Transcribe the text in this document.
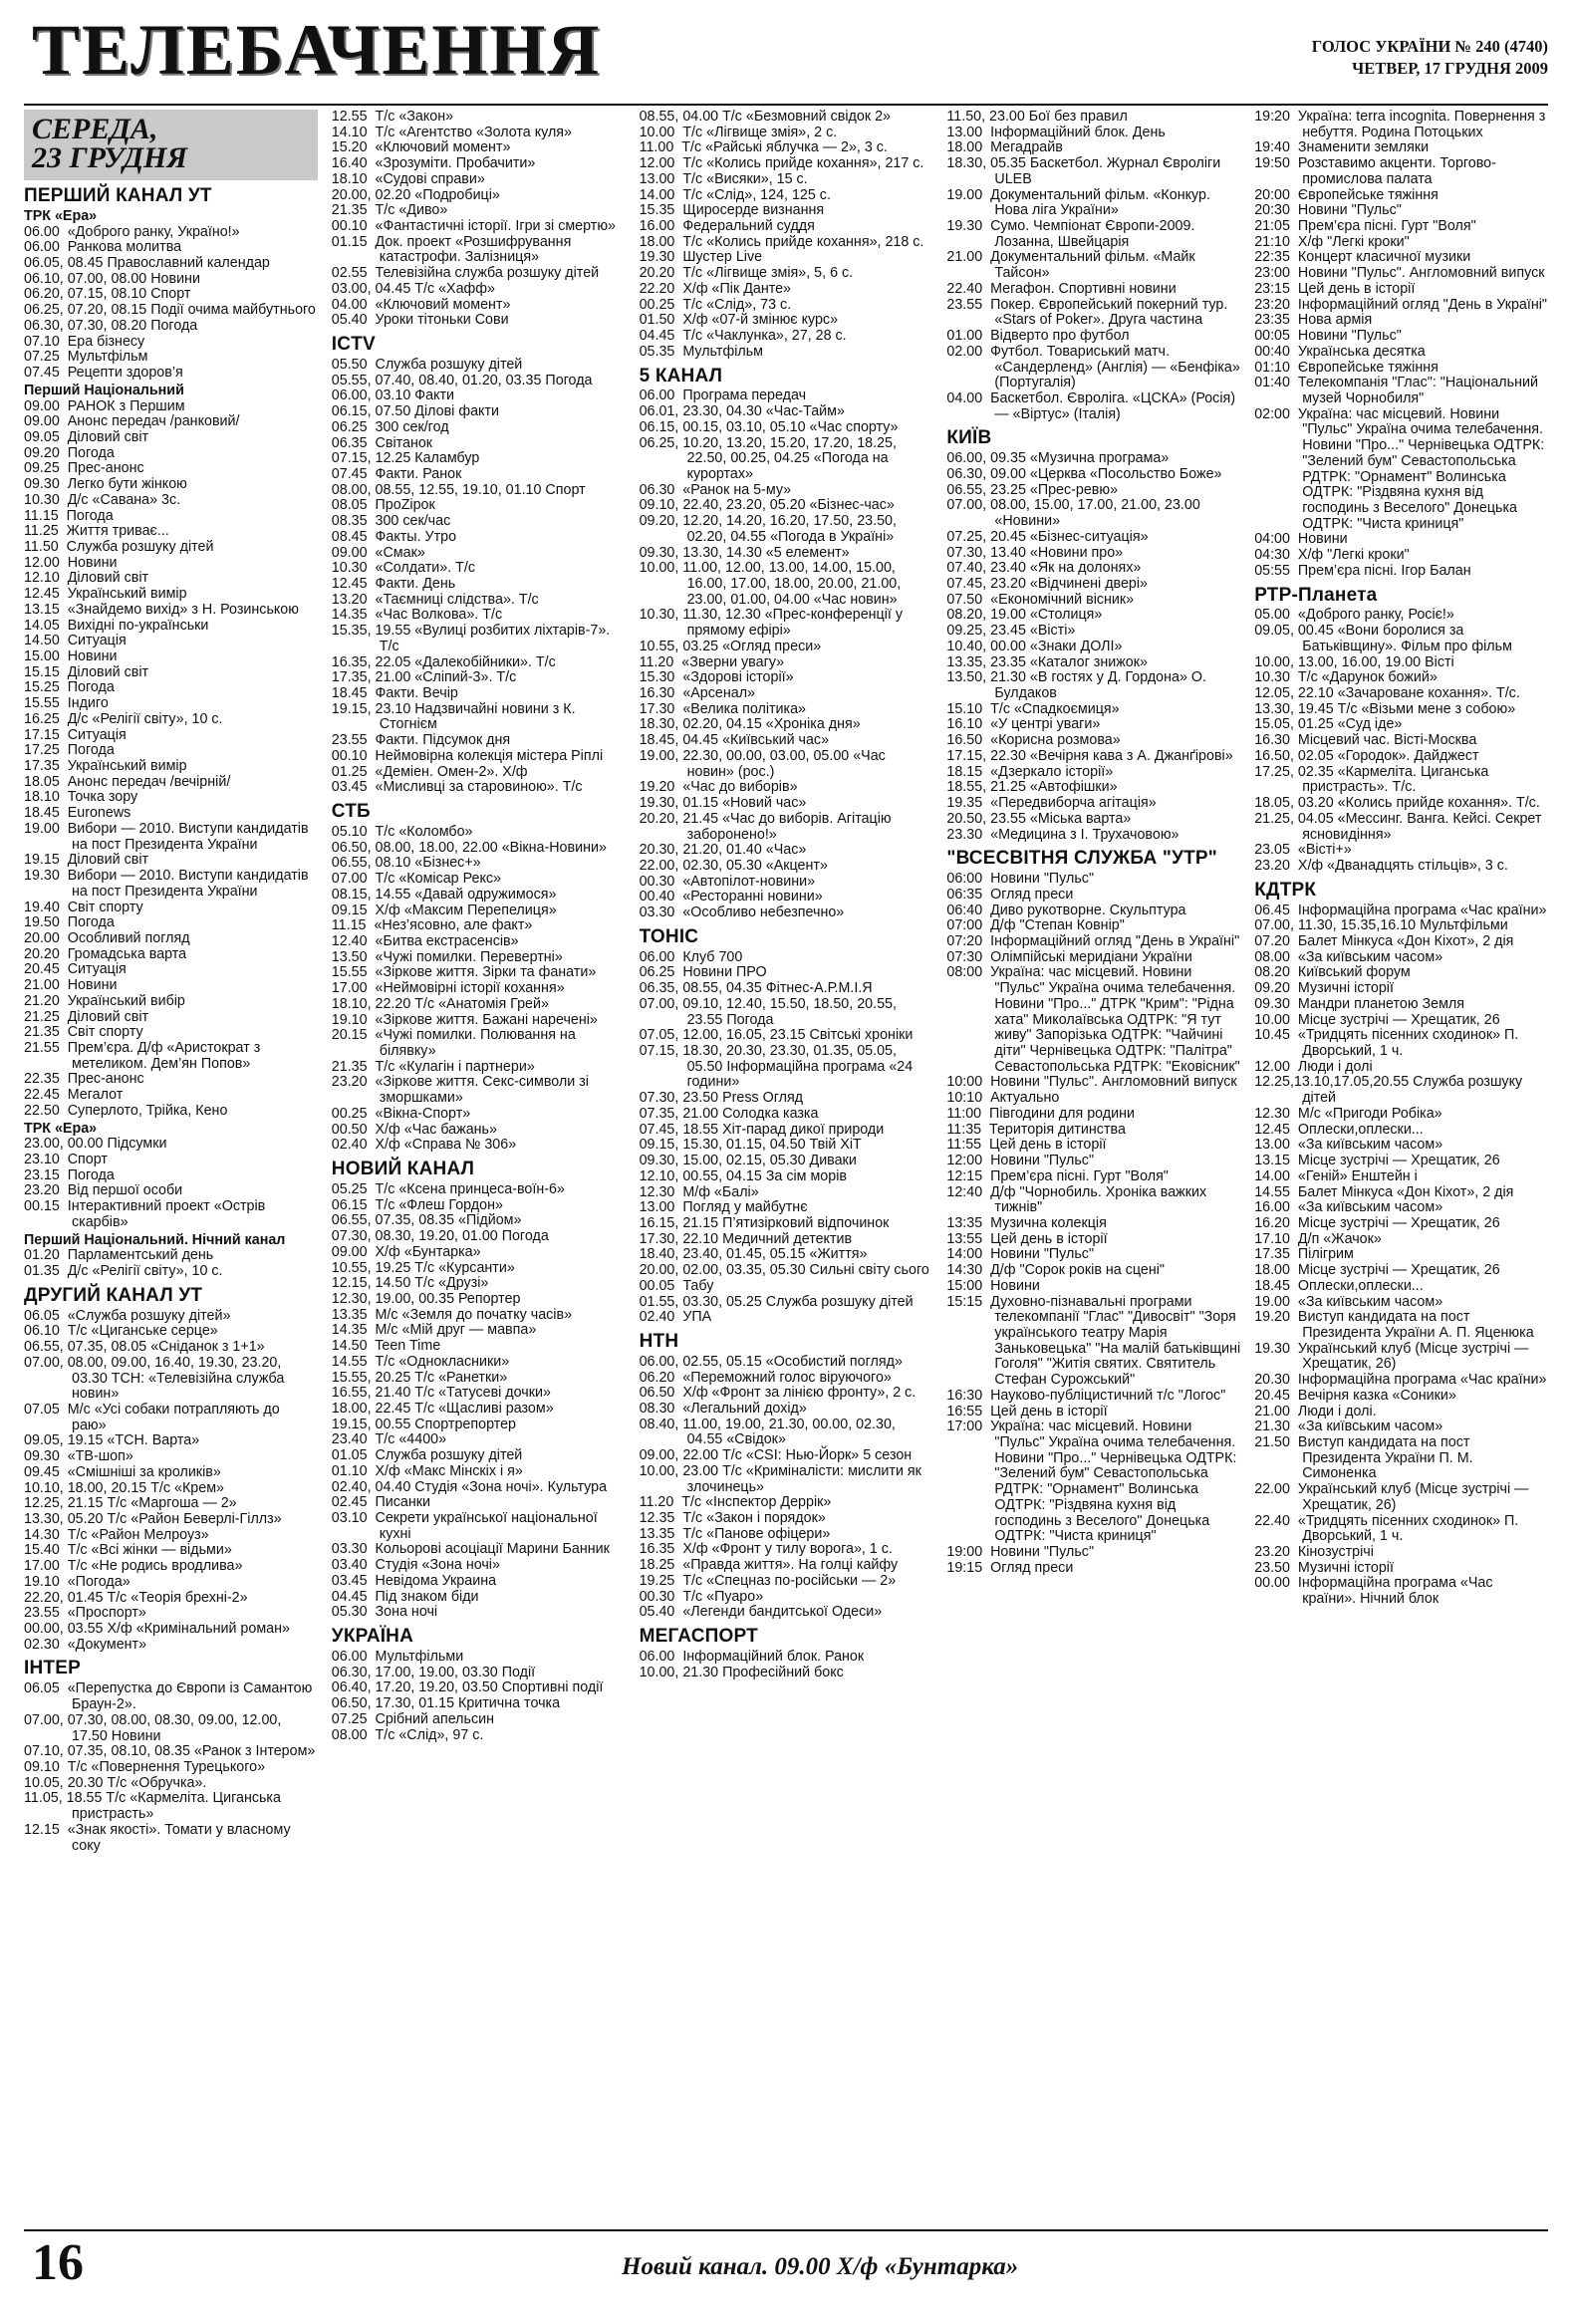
ТЕЛЕБАЧЕННЯ	ГОЛОС УКРАЇНИ № 240 (4740)
ЧЕТВЕР, 17 ГРУДНЯ 2009
СЕРЕДА,
23 ГРУДНЯ
ПЕРШИЙ КАНАЛ УТ
ТРК «Ера»
06.00  «Доброго ранку, Україно!»
06.00  Ранкова молитва
06.05, 08.45 Православний календар
06.10, 07.00, 08.00 Новини
06.20, 07.15, 08.10 Спорт
06.25, 07.20, 08.15 Події очима майбутнього
06.30, 07.30, 08.20 Погода
07.10  Ера бізнесу
07.25  Мультфільм
07.45  Рецепти здоров’я
Перший Національний
09.00  РАНОК з Першим
09.00  Анонс передач /ранковий/
09.05  Діловий світ
09.20  Погода
09.25  Прес-анонс
09.30  Легко бути жінкою
10.30  Д/с «Савана» 3с.
11.15  Погода
11.25  Життя триває...
11.50  Служба розшуку дітей
12.00  Новини
12.10  Діловий світ
12.45  Український вимір
13.15  «Знайдемо вихід» з Н. Розинською
14.05  Вихідні по-українськи
14.50  Ситуація
15.00  Новини
15.15  Діловий світ
15.25  Погода
15.55  Індиго
16.25  Д/с «Релігії світу», 10 с.
17.15  Ситуація
17.25  Погода
17.35  Український вимір
18.05  Анонс передач /вечірній/
18.10  Точка зору
18.45  Euronews
19.00  Вибори — 2010. Виступи кандидатів на пост Президента України
19.15  Діловий світ
19.30  Вибори — 2010. Виступи кандидатів на пост Президента України
19.40  Світ спорту
19.50  Погода
20.00  Особливий погляд
20.20  Громадська варта
20.45  Ситуація
21.00  Новини
21.20  Український вибір
21.25  Діловий світ
21.35  Світ спорту
21.55  Прем’єра. Д/ф «Аристократ з метеликом. Дем’ян Попов»
22.35  Прес-анонс
22.45  Мегалот
22.50  Суперлото, Трійка, Кено
ТРК «Ера»
23.00, 00.00 Підсумки
23.10  Спорт
23.15  Погода
23.20  Від першої особи
00.15  Інтерактивний проект «Острів скарбів»
Перший Національний. Нічний канал
01.20  Парламентський день
01.35  Д/с «Релігії світу», 10 с.
ДРУГИЙ КАНАЛ УТ
06.05  «Служба розшуку дітей»
06.10  Т/с «Циганське серце»
06.55, 07.35, 08.05 «Сніданок з 1+1»
07.00, 08.00, 09.00, 16.40, 19.30, 23.20, 03.30 ТСН: «Телевізійна служба новин»
07.05  М/с «Усі собаки потрапляють до раю»
09.05, 19.15 «ТСН. Варта»
09.30  «ТВ-шоп»
09.45  «Смішніші за кроликів»
10.10, 18.00, 20.15 Т/с «Крем»
12.25, 21.15 Т/с «Маргоша — 2»
13.30, 05.20 Т/с «Район Беверлі-Гіллз»
14.30  Т/с «Район Мелроуз»
15.40  Т/с «Всі жінки — відьми»
17.00  Т/с «Не родись вродлива»
19.10  «Погода»
22.20, 01.45 Т/с «Теорія брехні-2»
23.55  «Проспорт»
00.00, 03.55 Х/ф «Кримінальний роман»
02.30  «Документ»
ІНТЕР
06.05  «Перепустка до Європи із Самантою Браун-2».
07.00, 07.30, 08.00, 08.30, 09.00, 12.00, 17.50 Новини
07.10, 07.35, 08.10, 08.35 «Ранок з Інтером»
09.10  Т/с «Повернення Турецького»
10.05, 20.30 Т/с «Обручка».
11.05, 18.55 Т/с «Кармеліта. Циганська пристрасть»
12.15  «Знак якості». Томати у власному соку
12.55  Т/с «Закон»
14.10  Т/с «Агентство «Золота куля»
15.20  «Ключовий момент»
16.40  «Зрозуміти. Пробачити»
18.10  «Судові справи»
20.00, 02.20 «Подробиці»
21.35  Т/с «Диво»
00.10  «Фантастичні історії. Ігри зі смертю»
01.15  Док. проект «Розшифрування катастрофи. Залізниця»
02.55  Телевізійна служба розшуку дітей
03.00, 04.45 Т/с «Хафф»
04.00  «Ключовий момент»
05.40  Уроки тітоньки Сови
ICTV
05.50  Служба розшуку дітей
05.55, 07.40, 08.40, 01.20, 03.35 Погода
06.00, 03.10 Факти
06.15, 07.50 Ділові факти
06.25  300 сек/год
06.35  Світанок
07.15, 12.25 Каламбур
07.45  Факти. Ранок
08.00, 08.55, 12.55, 19.10, 01.10 Спорт
08.05  ПроZірок
08.35  300 сек/час
08.45  Факты. Утро
09.00  «Смак»
10.30  «Солдати». Т/с
12.45  Факти. День
13.20  «Таємниці слідства». Т/с
14.35  «Час Волкова». Т/с
15.35, 19.55 «Вулиці розбитих ліхтарів-7». Т/с
16.35, 22.05 «Далекобійники». Т/с
17.35, 21.00 «Сліпий-3». Т/с
18.45  Факти. Вечір
19.15, 23.10 Надзвичайні новини з К. Стогнієм
23.55  Факти. Підсумок дня
00.10  Неймовірна колекція містера Ріплі
01.25  «Деміен. Омен-2». Х/ф
03.45  «Мисливці за старовиною». Т/с
СТБ
05.10  Т/с «Коломбо»
06.50, 08.00, 18.00, 22.00 «Вікна-Новини»
06.55, 08.10 «Бізнес+»
07.00  Т/с «Комісар Рекс»
08.15, 14.55 «Давай одружимося»
09.15  Х/ф «Максим Перепелиця»
11.15  «Нез’ясовно, але факт»
12.40  «Битва екстрасенсів»
13.50  «Чужі помилки. Перевертні»
15.55  «Зіркове життя. Зірки та фанати»
17.00  «Неймовірні історії кохання»
18.10, 22.20 Т/с «Анатомія Грей»
19.10  «Зіркове життя. Бажані наречені»
20.15  «Чужі помилки. Полювання на білявку»
21.35  Т/с «Кулагін і партнери»
23.20  «Зіркове життя. Секс-символи зі зморшками»
00.25  «Вікна-Спорт»
00.50  Х/ф «Час бажань»
02.40  Х/ф «Справа № 306»
НОВИЙ КАНАЛ
05.25  Т/с «Ксена принцеса-воїн-6»
06.15  Т/с «Флеш Гордон»
06.55, 07.35, 08.35 «Підйом»
07.30, 08.30, 19.20, 01.00 Погода
09.00  Х/ф «Бунтарка»
10.55, 19.25 Т/с «Курсанти»
12.15, 14.50 Т/с «Друзі»
12.30, 19.00, 00.35 Репортер
13.35  М/с «Земля до початку часів»
14.35  М/с «Мій друг — мавпа»
14.50  Teen Time
14.55  Т/с «Однокласники»
15.55, 20.25 Т/с «Ранетки»
16.55, 21.40 Т/с «Татусеві дочки»
18.00, 22.45 Т/с «Щасливі разом»
19.15, 00.55 Спортрепортер
23.40  Т/с «4400»
01.05  Служба розшуку дітей
01.10  Х/ф «Макс Мінскіх і я»
02.40, 04.40 Студія «Зона ночі». Культура
02.45  Писанки
03.10  Секрети української національної кухні
03.30  Кольорові асоціації Марини Банник
03.40  Студія «Зона ночі»
03.45  Невідома Украина
04.45  Під знаком біди
05.30  Зона ночі
УКРАЇНА
06.00  Мультфільми
06.30, 17.00, 19.00, 03.30 Події
06.40, 17.20, 19.20, 03.50 Спортивні події
06.50, 17.30, 01.15 Критична точка
07.25  Срібний апельсин
08.00  Т/с «Слід», 97 с.
08.55, 04.00 Т/с «Безмовний свідок 2»
10.00  Т/с «Лігвище змія», 2 с.
11.00  Т/с «Райські яблучка — 2», 3 с.
12.00  Т/с «Колись прийде кохання», 217 с.
13.00  Т/с «Висяки», 15 с.
14.00  Т/с «Слід», 124, 125 с.
15.35  Щиросерде визнання
16.00  Федеральний суддя
18.00  Т/с «Колись прийде кохання», 218 с.
19.30  Шустер Live
20.20  Т/с «Лігвище змія», 5, 6 с.
22.20  Х/ф «Пік Данте»
00.25  Т/с «Слід», 73 с.
01.50  Х/ф «07-й змінює курс»
04.45  Т/с «Чаклунка», 27, 28 с.
05.35  Мультфільм
5 КАНАЛ
06.00  Програма передач
06.01, 23.30, 04.30 «Час-Тайм»
06.15, 00.15, 03.10, 05.10 «Час спорту»
06.25, 10.20, 13.20, 15.20, 17.20, 18.25, 22.50, 00.25, 04.25 «Погода на курортах»
06.30  «Ранок на 5-му»
09.10, 22.40, 23.20, 05.20 «Бізнес-час»
09.20, 12.20, 14.20, 16.20, 17.50, 23.50, 02.20, 04.55 «Погода в Україні»
09.30, 13.30, 14.30 «5 елемент»
10.00, 11.00, 12.00, 13.00, 14.00, 15.00, 16.00, 17.00, 18.00, 20.00, 21.00, 23.00, 01.00, 04.00 «Час новин»
10.30, 11.30, 12.30 «Прес-конференції у прямому ефірі»
10.55, 03.25 «Огляд преси»
11.20  «Зверни увагу»
15.30  «Здорові історії»
16.30  «Арсенал»
17.30  «Велика політика»
18.30, 02.20, 04.15 «Хроніка дня»
18.45, 04.45 «Київський час»
19.00, 22.30, 00.00, 03.00, 05.00 «Час новин» (рос.)
19.20  «Час до виборів»
19.30, 01.15 «Новий час»
20.20, 21.45 «Час до виборів. Агітацію заборонено!»
20.30, 21.20, 01.40 «Час»
22.00, 02.30, 05.30 «Акцент»
00.30  «Автопілот-новини»
00.40  «Ресторанні новини»
03.30  «Особливо небезпечно»
ТОНІС
06.00  Клуб 700
06.25  Новини ПРО
06.35, 08.55, 04.35 Фітнес-А.Р.М.І.Я
07.00, 09.10, 12.40, 15.50, 18.50, 20.55, 23.55 Погода
07.05, 12.00, 16.05, 23.15 Світські хроніки
07.15, 18.30, 20.30, 23.30, 01.35, 05.05, 05.50 Інформаційна програма «24 години»
07.30, 23.50 Press Огляд
07.35, 21.00 Солодка казка
07.45, 18.55 Хіт-парад дикої природи
09.15, 15.30, 01.15, 04.50 Твій ХіТ
09.30, 15.00, 02.15, 05.30 Диваки
12.10, 00.55, 04.15 За сім морів
12.30  М/ф «Балі»
13.00  Погляд у майбутнє
16.15, 21.15 П’ятизірковий відпочинок
17.30, 22.10 Медичний детектив
18.40, 23.40, 01.45, 05.15 «Життя»
20.00, 02.00, 03.35, 05.30 Сильні світу сього
00.05  Табу
01.55, 03.30, 05.25 Служба розшуку дітей
02.40  УПА
НТН
06.00, 02.55, 05.15 «Особистий погляд»
06.20  «Переможний голос віруючого»
06.50  Х/ф «Фронт за лінією фронту», 2 с.
08.30  «Легальний дохід»
08.40, 11.00, 19.00, 21.30, 00.00, 02.30, 04.55 «Свідок»
09.00, 22.00 Т/с «CSI: Нью-Йорк» 5 сезон
10.00, 23.00 Т/с «Криміналісти: мислити як злочинець»
11.20  Т/с «Інспектор Деррік»
12.35  Т/с «Закон і порядок»
13.35  Т/с «Панове офіцери»
16.35  Х/ф «Фронт у тилу ворога», 1 с.
18.25  «Правда життя». На голці кайфу
19.25  Т/с «Спецназ по-російськи — 2»
00.30  Т/с «Пуаро»
05.40  «Легенди бандитської Одеси»
МЕГАСПОРТ
06.00  Інформаційний блок. Ранок
10.00, 21.30 Професійний бокс
11.50, 23.00 Бої без правил
13.00  Інформаційний блок. День
18.00  Мегадрайв
18.30, 05.35 Баскетбол. Журнал Євроліги ULEB
19.00  Документальний фільм. «Конкур. Нова ліга України»
19.30  Сумо. Чемпіонат Європи-2009. Лозанна, Швейцарія
21.00  Документальний фільм. «Майк Тайсон»
22.40  Мегафон. Спортивні новини
23.55  Покер. Європейський покерний тур. «Stars of Poker». Друга частина
01.00  Відверто про футбол
02.00  Футбол. Товариський матч. «Сандерленд» (Англія) — «Бенфіка» (Португалія)
04.00  Баскетбол. Євроліга. «ЦСКА» (Росія) — «Віртус» (Італія)
КИЇВ
06.00, 09.35 «Музична програма»
06.30, 09.00 «Церква «Посольство Боже»
06.55, 23.25 «Прес-ревю»
07.00, 08.00, 15.00, 17.00, 21.00, 23.00 «Новини»
07.25, 20.45 «Бізнес-ситуація»
07.30, 13.40 «Новини про»
07.40, 23.40 «Як на долонях»
07.45, 23.20 «Відчинені двері»
07.50  «Економічний вісник»
08.20, 19.00 «Столиця»
09.25, 23.45 «Вісті»
10.40, 00.00 «Знаки ДОЛІ»
13.35, 23.35 «Каталог знижок»
13.50, 21.30 «В гостях у Д. Гордона» О. Булдаков
15.10  Т/с «Спадкоємиця»
16.10  «У центрі уваги»
16.50  «Корисна розмова»
17.15, 22.30 «Вечірня кава з А. Джанґірові»
18.15  «Дзеркало історії»
18.55, 21.25 «Автофішки»
19.35  «Передвиборча агітація»
20.50, 23.55 «Міська варта»
23.30  «Медицина з І. Трухачовою»
"ВСЕСВІТНЯ СЛУЖБА "УТР"
06:00  Новини "Пульс"
06:35  Огляд преси
06:40  Диво рукотворне. Скульптура
07:00  Д/ф "Степан Ковнір"
07:20  Інформаційний огляд "День в Україні"
07:30  Олімпійські меридіани України
08:00  Україна: час місцевий. Новини "Пульс" Україна очима телебачення. Новини "Про..." ДТРК "Крим": "Рідна хата" Миколаївська ОДТРК: "Я тут живу" Запорізька ОДТРК: "Чайчині діти" Чернівецька ОДТРК: "Палітра" Севастопольська РДТРК: "Ековісник"
10:00  Новини "Пульс". Англомовний випуск
10:10  Актуально
11:00  Півгодини для родини
11:35  Територія дитинства
11:55  Цей день в історії
12:00  Новини "Пульс"
12:15  Прем’єра пісні. Гурт "Воля"
12:40  Д/ф "Чорнобиль. Хроніка важких тижнів"
13:35  Музична колекція
13:55  Цей день в історії
14:00  Новини "Пульс"
14:30  Д/ф "Сорок років на сцені"
15:00  Новини
15:15  Духовно-пізнавальні програми телекомпанії "Глас" "Дивосвіт" "Зоря українського театру Марія Заньковецька" "На малій батьківщині Гоголя" "Житія святих. Святитель Стефан Сурожський"
16:30  Науково-публіцистичний т/с "Логос"
16:55  Цей день в історії
17:00  Україна: час місцевий. Новини "Пульс" Україна очима телебачення. Новини "Про..." Чернівецька ОДТРК: "Зелений бум" Севастопольська РДТРК: "Орнамент" Волинська ОДТРК: "Різдвяна кухня від господинь з Веселого" Донецька ОДТРК: "Чиста криниця"
19:00  Новини "Пульс"
19:15  Огляд преси
19:20  Україна: terra incognita. Повернення з небуття. Родина Потоцьких
19:40  Знаменити земляки
19:50  Розставимо акценти. Торгово-промислова палата
20:00  Європейське тяжіння
20:30  Новини "Пульс"
21:05  Прем’єра пісні. Гурт "Воля"
21:10  Х/ф "Легкі кроки"
22:35  Концерт класичної музики
23:00  Новини "Пульс". Англомовний випуск
23:15  Цей день в історії
23:20  Інформаційний огляд "День в Україні"
23:35  Нова армія
00:05  Новини "Пульс"
00:40  Українська десятка
01:10  Європейське тяжіння
01:40  Телекомпанія "Глас": "Національний музей Чорнобиля"
02:00  Україна: час місцевий. Новини "Пульс" Україна очима телебачення. Новини "Про..." Чернівецька ОДТРК: "Зелений бум" Севастопольська РДТРК: "Орнамент" Волинська ОДТРК: "Різдвяна кухня від господинь з Веселого" Донецька ОДТРК: "Чиста криниця"
04:00  Новини
04:30  Х/ф "Легкі кроки"
05:55  Прем’єра пісні. Ігор Балан
РТР-Планета
05.00  «Доброго ранку, Росіє!»
09.05, 00.45 «Вони боролися за Батьківщину». Фільм про фільм
10.00, 13.00, 16.00, 19.00 Вісті
10.30  Т/с «Дарунок божий»
12.05, 22.10 «Зачароване кохання». Т/с.
13.30, 19.45 Т/с «Візьми мене з собою»
15.05, 01.25 «Суд іде»
16.30  Місцевий час. Вісті-Москва
16.50, 02.05 «Городок». Дайджест
17.25, 02.35 «Кармеліта. Циганська пристрасть». Т/с.
18.05, 03.20 «Колись прийде кохання». Т/с.
21.25, 04.05 «Мессинг. Ванга. Кейсі. Секрет ясновидіння»
23.05  «Вісті+»
23.20  Х/ф «Дванадцять стільців», 3 с.
КДТРК
06.45  Інформаційна програма «Час країни»
07.00, 11.30, 15.35,16.10 Мультфільми
07.20  Балет Мінкуса «Дон Кіхот», 2 дія
08.00  «За київським часом»
08.20  Київський форум
09.20  Музичні історії
09.30  Мандри планетою Земля
10.00  Місце зустрічі — Хрещатик, 26
10.45  «Тридцять пісенних сходинок» П. Дворський, 1 ч.
12.00  Люди і долі
12.25,13.10,17.05,20.55 Служба розшуку дітей
12.30  М/с «Пригоди Робіка»
12.45  Оплески,оплески...
13.00  «За київським часом»
13.15  Місце зустрічі — Хрещатик, 26
14.00  «Геній» Енштейн і
14.55  Балет Мінкуса «Дон Кіхот», 2 дія
16.00  «За київським часом»
16.20  Місце зустрічі — Хрещатик, 26
17.10  Д/п «Жачок»
17.35  Пілігрим
18.00  Місце зустрічі — Хрещатик, 26
18.45  Оплески,оплески...
19.00  «За київським часом»
19.20  Виступ кандидата на пост Президента України А. П. Яценюка
19.30  Український клуб (Місце зустрічі — Хрещатик, 26)
20.30  Інформаційна програма «Час країни»
20.45  Вечірня казка «Соники»
21.00  Люди і долі.
21.30  «За київським часом»
21.50  Виступ кандидата на пост Президента України П. М. Симоненка
22.00  Український клуб (Місце зустрічі — Хрещатик, 26)
22.40  «Тридцять пісенних сходинок» П. Дворський, 1 ч.
23.20  Кінозустрічі
23.50  Музичні історії
00.00  Інформаційна програма «Час країни». Нічний блок
16	Новий канал. 09.00 Х/ф «Бунтарка»
